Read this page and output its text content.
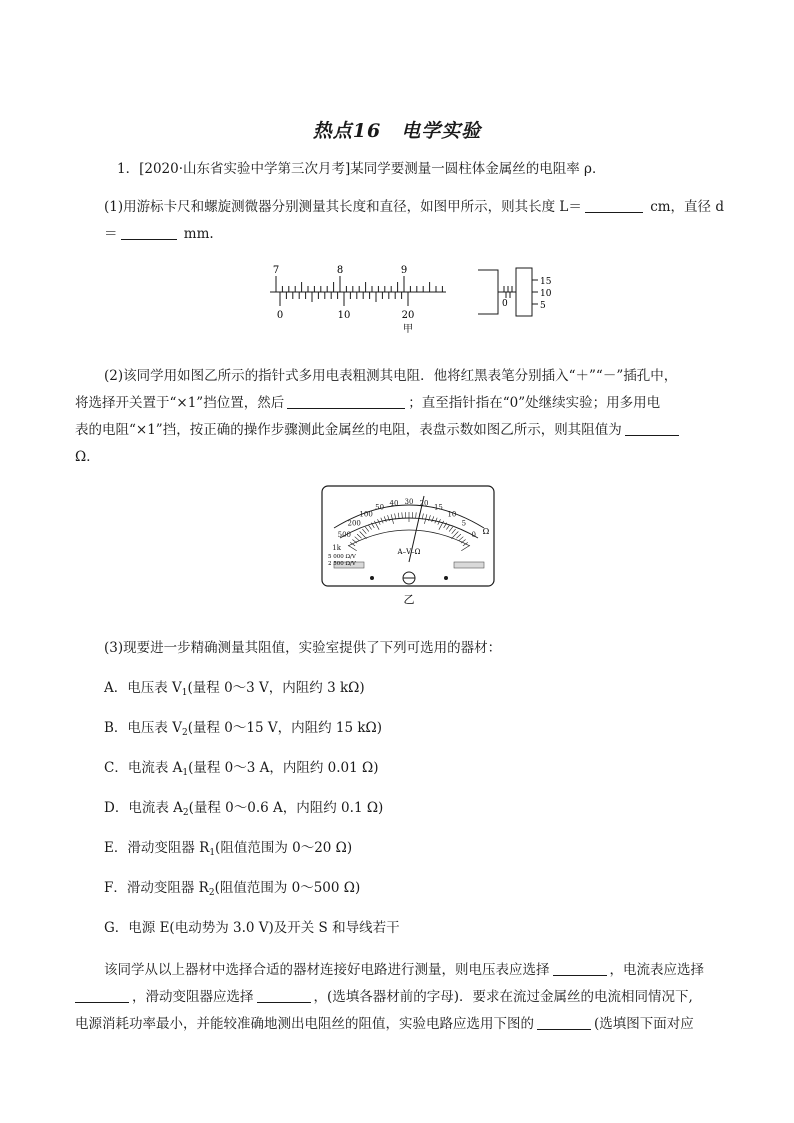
热点16　电学实验
1．[2020·山东省实验中学第三次月考]某同学要测量一圆柱体金属丝的电阻率 ρ．
(1)用游标卡尺和螺旋测微器分别测量其长度和直径，如图甲所示，则其长度 L＝	cm，直径 d
＝	mm.
7	8	9
0	10	20
甲
15
10
5
0
(2)该同学用如图乙所示的指针式多用电表粗测其电阻．他将红黑表笔分别插入“＋”“－”插孔中，
将选择开关置于“×1”挡位置，然后	；直至指针指在“0”处继续实验；用多用电
表的电阻“×1”挡，按正确的操作步骤测此金属丝的电阻，表盘示数如图乙所示，则其阻值为
Ω．
1k
500
200
100
50
40 30 20
15
10
5
0
A–V–Ω
5 000 Ω/V
2 500 Ω/V
Ω
乙
(3)现要进一步精确测量其阻值，实验室提供了下列可选用的器材：
A．电压表 $V_1$(量程 0～3 V，内阻约 3 kΩ)
B．电压表 $V_2$(量程 0～15 V，内阻约 15 kΩ)
C．电流表 $A_1$(量程 0～3 A，内阻约 0.01 Ω)
D．电流表 $A_2$(量程 0～0.6 A，内阻约 0.1 Ω)
E．滑动变阻器 $R_1$(阻值范围为 0～20 Ω)
F．滑动变阻器 $R_2$(阻值范围为 0～500 Ω)
G．电源 E(电动势为 3.0 V)及开关 S 和导线若干
该同学从以上器材中选择合适的器材连接好电路进行测量，则电压表应选择	，电流表应选择
，滑动变阻器应选择	，(选填各器材前的字母)．要求在流过金属丝的电流相同情况下,
电源消耗功率最小，并能较准确地测出电阻丝的阻值，实验电路应选用下图的	(选填图下面对应
